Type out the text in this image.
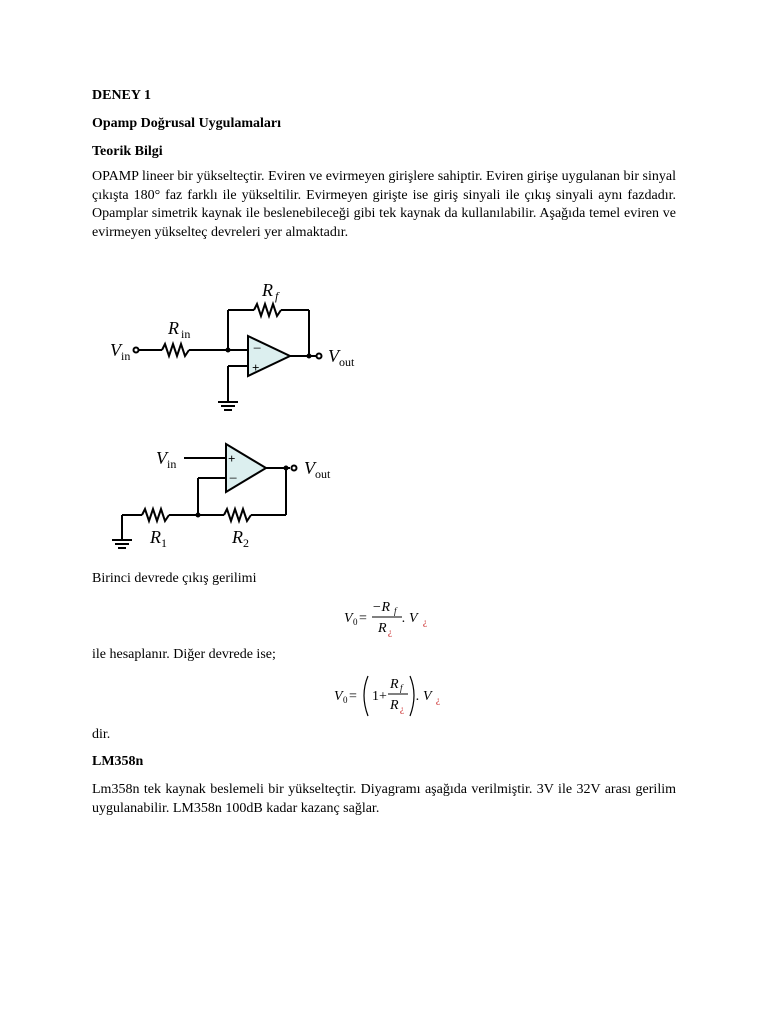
DENEY 1

Opamp Doğrusal Uygulamaları

Teorik Bilgi

OPAMP lineer bir yükselteçtir. Eviren ve evirmeyen girişlere sahiptir. Eviren girişe uygulanan bir sinyal çıkışta 180° faz farklı ile yükseltilir. Evirmeyen girişte ise giriş sinyali ile çıkış sinyali aynı fazdadır. Opamplar simetrik kaynak ile beslenebileceği gibi tek kaynak da kullanılabilir. Aşağıda temel eviren ve evirmeyen yükselteç devreleri yer almaktadır.

−
+
R f
R in
V in	V out
+
−
V in	V out
R 1	R 2

Birinci devrede çıkış gerilimi

V 0 =
−R f
R ¿
. V ¿

ile hesaplanır. Diğer devrede ise;

V 0 = 1+
R f
R ¿
. V ¿

dir.

LM358n

Lm358n tek kaynak beslemeli bir yükselteçtir. Diyagramı aşağıda verilmiştir. 3V ile 32V arası gerilim uygulanabilir. LM358n 100dB kadar kazanç sağlar.
